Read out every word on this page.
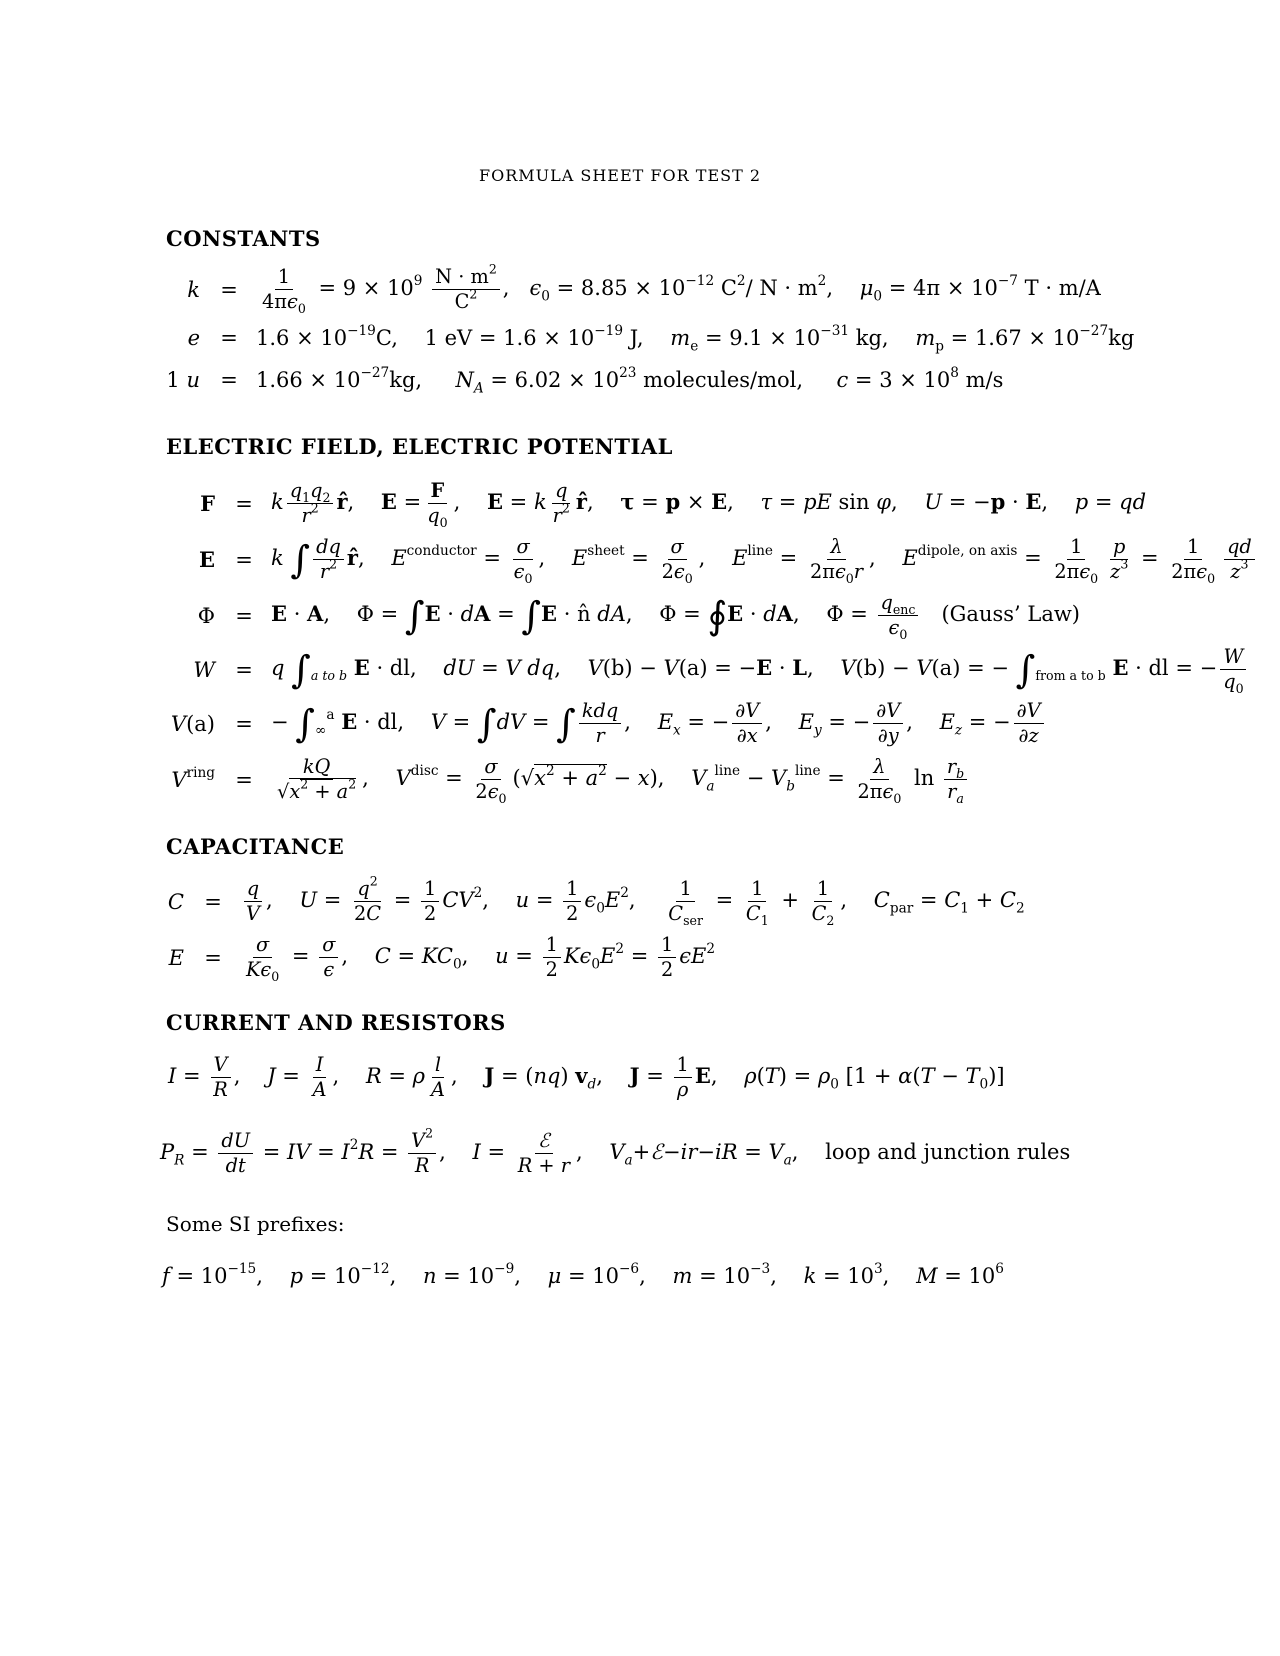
FORMULA SHEET FOR TEST 2
CONSTANTS
k =	$\frac{1}{4\pi\epsilon_0} = 9 \times 10^9 \frac{N \cdot m^2}{C^2}$ ,   $\epsilon_0 = 8.85 \times 10^{-12}$ $C^2/$ $N \cdot m^2$,    $\mu_0 = 4\pi \times 10^{-7}$ T · m/A
$e = 1.6 \times 10^{-19}C$,    1 eV = $1.6 \times 10^{-19}$ J,    $m_e = 9.1 \times 10^{-31}$ kg,    $m_p = 1.67 \times 10^{-27}kg$
1 $u = 1.66 \times 10^{-27}kg$,     $N_A = 6.02 \times 10^{23}$ molecules/mol, $c = 3 \times 10^8$ m/s
ELECTRIC FIELD, ELECTRIC POTENTIAL
F = k $\frac{q_1q_2}{r^2}$ r̂,    $E = \frac{F}{q_0}$ ,    E = k $\frac{q}{r^2}$ r̂,    τ = p × E,    τ = pE sin φ,    U = −p · E,    p = qd
E = k ∫ $\frac{dq}{r^2}$ r̂,    $E^{conductor} = \frac{\sigma}{\epsilon_0}$ ,    $E^{sheet} = \frac{\sigma}{2\epsilon_0}$ ,    $E^{line} = \frac{\lambda}{2\pi\epsilon_0r}$ ,    $E^{dipole, on axis} = \frac{1}{2\pi\epsilon_0} \frac{p}{z^3} = \frac{1}{2\pi\epsilon_0} \frac{qd}{z^3}$
Φ = E · A,    Φ = ∫E · dA = ∫E · n̂ dA,    Φ = ∮E · dA,    $\Phi = \frac{q_{enc}}{\epsilon_0}$ (Gauss’ Law)
W = q $\int_{a to b}$ E · dl,    dU = V dq,    V(b) − V(a) = −E · L,    V(b) − V(a) = − $\int_{from a to b}$ E · dl = − $\frac{W}{q_0}$
V(a) = − $\int_\infty^a$ E · dl,    V = ∫dV = ∫ $\frac{\text{kdq}}{r}$ ,    $E_x$ = − $\frac{\partial V}{\partial x}$ ,    $E_y$ = − $\frac{\partial V}{\partial y}$ ,    $E_z$ = − $\frac{\partial V}{\partial z}$
$V^{ring}$ =	$\frac{kQ}{√x^2 + a^2}$ ,    $V^{disc} = \frac{\sigma}{2\epsilon_0} (√x^2 + a^2 - x)$,    $V_a^{line} - V_b^{line} = \frac{\lambda}{2\pi\epsilon_0}$ $\ln \frac{r_b}{r_a}$
CAPACITANCE
C =	$\frac{q}{V}$ ,    $U = \frac{q^2}{2C} = \frac{1}{2} CV^2$,    $u = \frac{1}{2} \epsilon_0E^2$, $\frac{1}{C_{ser}} = \frac{1}{C_1} + \frac{1}{C_2}$ ,    $C_{par} = C_1 + C_2$
E =	$\frac{\sigma}{K\epsilon_0} = \frac{\sigma}{\epsilon}$ ,    $C = KC_0$,    $u = \frac{1}{2} K\epsilon_0E^2 = \frac{1}{2} \epsilon E^2$
CURRENT AND RESISTORS
$I = \frac{V}{R}$ ,    $J = \frac{I}{A}$ ,    R = ρ $\frac{l}{A}$ ,    J = (nq) $v_d$,    $J = \frac{1}{\rho} E$,    $\rho(T) = \rho_0$ $[1 + \alpha(T - T_0)]$
$P_R = \frac{dU}{dt}$ = IV = $I^2R = \frac{V^2}{R}$ ,    $I = \frac{\text{ℰ}}{R + r}$ ,    $V_a+ℰ-ir-iR = V_a$,    loop and junction rules
Some SI prefixes:
$f = 10^{-15}$,    $p = 10^{-12}$,    $n = 10^{-9}$,    $\mu = 10^{-6}$,    $m = 10^{-3}$,    $k = 10^3$,    $M = 10^6$
